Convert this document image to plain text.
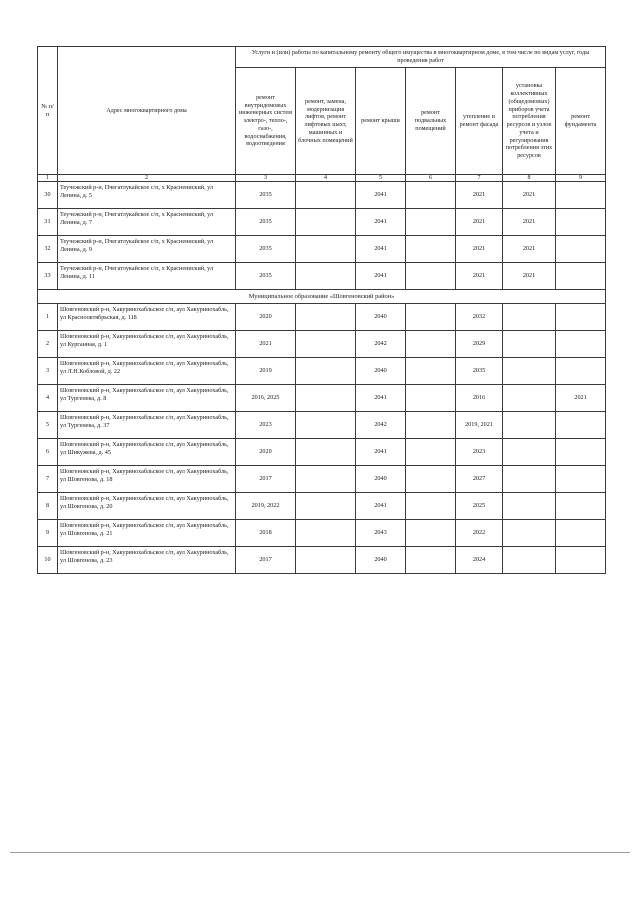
№ п/п	Адрес многоквартирного дома	Услуги и (или) работы по капитальному ремонту общего имущества в многоквартирном доме, в том числе по видам услуг, годы проведения работ						
		ремонт внутридомовых инженерных систем электро-, тепло-, газо-, водоснабжения, водоотведения	ремонт, замена, модернизация лифтов, ремонт лифтовых шахт, машинных и блочных помещений	ремонт крыши	ремонт подвальных помещений	утепление и ремонт фасада	установка коллективных (общедомовых) приборов учета потребления ресурсов и узлов учета и регулирования потребления этих ресурсов	ремонт фундамента
1	2	3	4	5	6	7	8	9
30	Теучежский р-н, Пчегатлукайское с/п, х Краснениский, ул Ленина, д. 5	2035		2041		2021	2021	
31	Теучежский р-н, Пчегатлукайское с/п, х Краснениский, ул Ленина, д. 7	2035		2041		2021	2021	
32	Теучежский р-н, Пчегатлукайское с/п, х Краснениский, ул Ленина, д. 9	2035		2041		2021	2021	
33	Теучежский р-н, Пчегатлукайское с/п, х Краснениский, ул Ленина, д. 11	2035		2041		2021	2021	
Муниципальное образование «Шовгеновский район»								
1	Шовгеновский р-н, Хакуринохабльское с/п, аул Хакуринохабль, ул Краснооктябрьская, д. 118	2020		2040		2032		
2	Шовгеновский р-н, Хакуринохабльское с/п, аул Хакуринохабль, ул Курганная, д. 1	2021		2042		2029		
3	Шовгеновский р-н, Хакуринохабльское с/п, аул Хакуринохабль, ул Л.Н.Кобловой, д. 22	2019		2040		2035		
4	Шовгеновский р-н, Хакуринохабльское с/п, аул Хакуринохабль, ул Тургенева, д. 8	2016, 2025		2041		2016		2021
5	Шовгеновский р-н, Хакуринохабльское с/п, аул Хакуринохабль, ул Тургенева, д. 37	2023		2042		2019, 2021		
6	Шовгеновский р-н, Хакуринохабльское с/п, аул Хакуринохабль, ул Шикужева, д. 45	2020		2041		2023		
7	Шовгеновский р-н, Хакуринохабльское с/п, аул Хакуринохабль, ул Шовгенова, д. 18	2017		2040		2027		
8	Шовгеновский р-н, Хакуринохабльское с/п, аул Хакуринохабль, ул Шовгенова, д. 20	2019, 2022		2041		2025		
9	Шовгеновский р-н, Хакуринохабльское с/п, аул Хакуринохабль, ул Шовгенова, д. 21	2018		2043		2022		
10	Шовгеновский р-н, Хакуринохабльское с/п, аул Хакуринохабль, ул Шовгенова, д. 23	2017		2040		2024		
